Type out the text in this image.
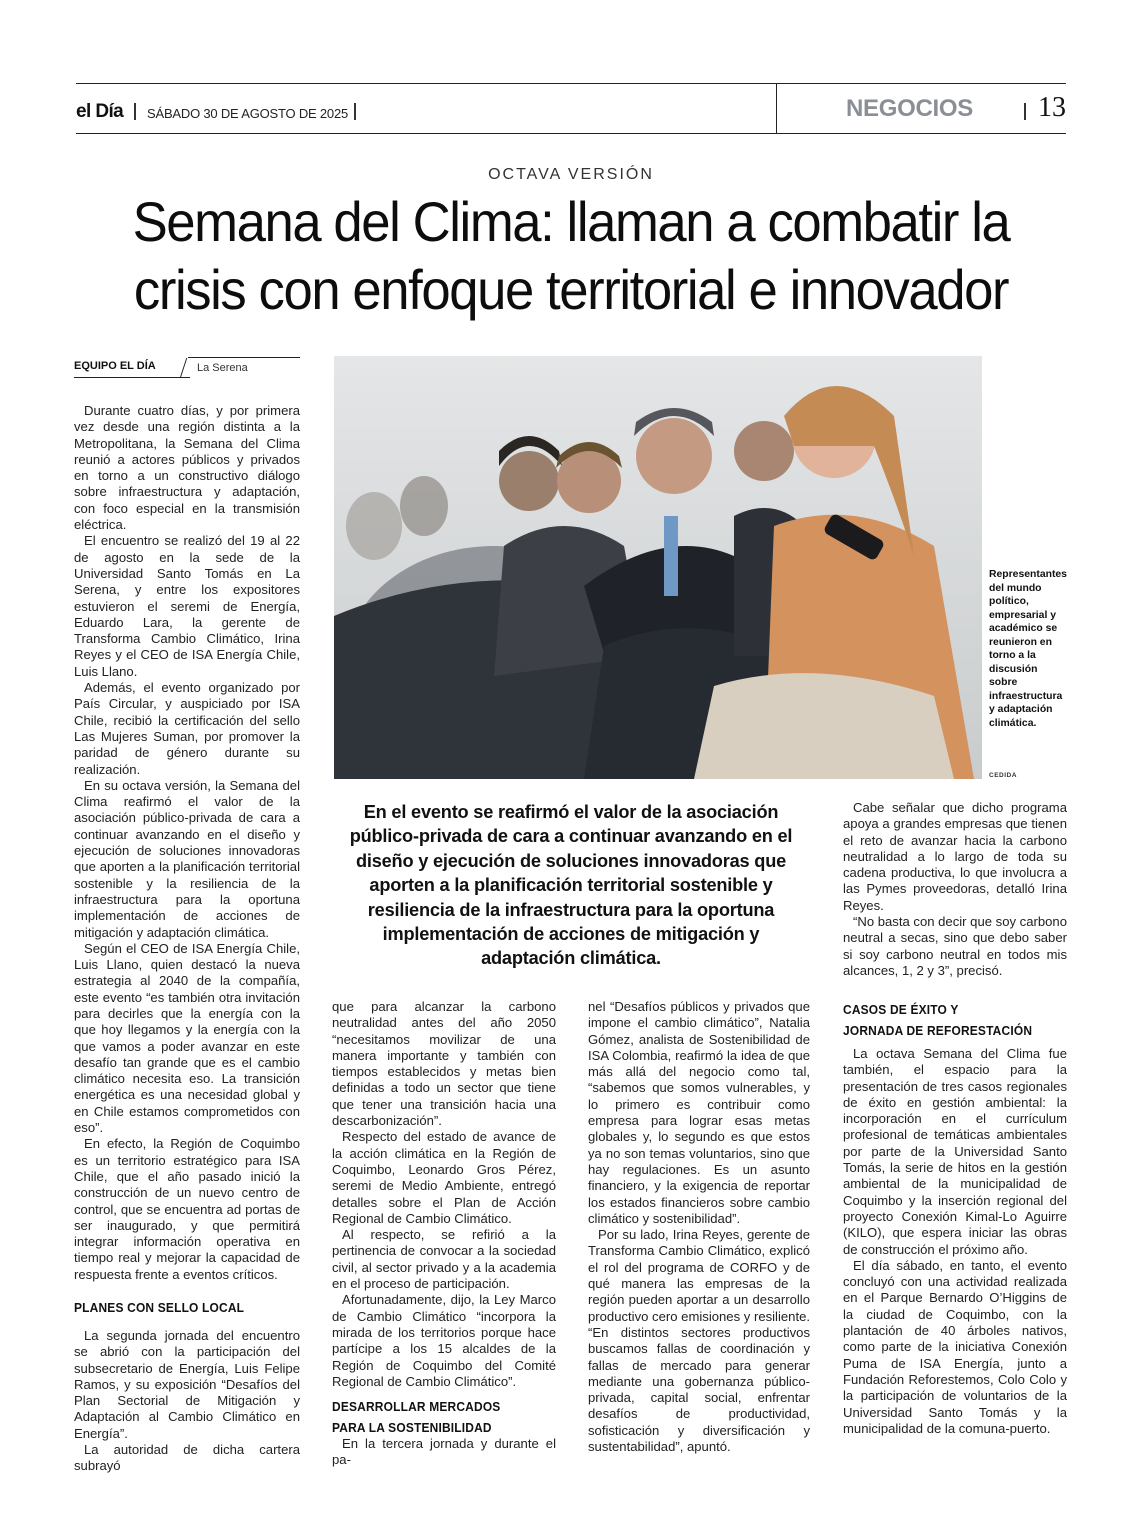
el Día SÁBADO 30 DE AGOSTO DE 2025	NEGOCIOS 13
OCTAVA VERSIÓN
Semana del Clima: llaman a combatir la
crisis con enfoque territorial e innovador
EQUIPO EL DÍA	La Serena

Durante cuatro días, y por primera vez desde una región distinta a la Metropolitana, la Semana del Clima reunió a actores públicos y privados en torno a un constructivo diálogo sobre infraestructura y adaptación, con foco especial en la transmisión eléctrica.

El encuentro se realizó del 19 al 22 de agosto en la sede de la Universidad Santo Tomás en La Serena, y entre los expositores estuvieron el seremi de Energía, Eduardo Lara, la gerente de Transforma Cambio Climático, Irina Reyes y el CEO de ISA Energía Chile, Luis Llano.

Además, el evento organizado por País Circular, y auspiciado por ISA Chile, recibió la certificación del sello Las Mujeres Suman, por promover la paridad de género durante su realización.

En su octava versión, la Semana del Clima reafirmó el valor de la asociación público-privada de cara a continuar avanzando en el diseño y ejecución de soluciones innovadoras que aporten a la planificación territorial sostenible y la resiliencia de la infraestructura para la oportuna implementación de acciones de mitigación y adaptación climática.

Según el CEO de ISA Energía Chile, Luis Llano, quien destacó la nueva estrategia al 2040 de la compañía, este evento “es también otra invitación para decirles que la energía con la que hoy llegamos y la energía con la que vamos a poder avanzar en este desafío tan grande que es el cambio climático necesita eso. La transición energética es una necesidad global y en Chile estamos comprometidos con eso”.

En efecto, la Región de Coquimbo es un territorio estratégico para ISA Chile, que el año pasado inició la construcción de un nuevo centro de control, que se encuentra ad portas de ser inaugurado, y que permitirá integrar información operativa en tiempo real y mejorar la capacidad de respuesta frente a eventos críticos.

PLANES CON SELLO LOCAL

La segunda jornada del encuentro se abrió con la participación del subsecretario de Energía, Luis Felipe Ramos, y su exposición “Desafíos del Plan Sectorial de Mitigación y Adaptación al Cambio Climático en Energía”.

La autoridad de dicha cartera subrayó

Representantes del mundo político, empresarial y académico se reunieron en torno a la discusión sobre infraestructura y adaptación climática.
CEDIDA
En el evento se reafirmó el valor de la asociación público-privada de cara a continuar avanzando en el diseño y ejecución de soluciones innovadoras que aporten a la planificación territorial sostenible y resiliencia de la infraestructura para la oportuna implementación de acciones de mitigación y adaptación climática.

que para alcanzar la carbono neutralidad antes del año 2050 “necesitamos movilizar de una manera importante y también con tiempos establecidos y metas bien definidas a todo un sector que tiene que tener una transición hacia una descarbonización”.

Respecto del estado de avance de la acción climática en la Región de Coquimbo, Leonardo Gros Pérez, seremi de Medio Ambiente, entregó detalles sobre el Plan de Acción Regional de Cambio Climático.

Al respecto, se refirió a la pertinencia de convocar a la sociedad civil, al sector privado y a la academia en el proceso de participación.

Afortunadamente, dijo, la Ley Marco de Cambio Climático “incorpora la mirada de los territorios porque hace partícipe a los 15 alcaldes de la Región de Coquimbo del Comité Regional de Cambio Climático”.

DESARROLLAR MERCADOS
PARA LA SOSTENIBILIDAD

En la tercera jornada y durante el pa-

nel “Desafíos públicos y privados que impone el cambio climático”, Natalia Gómez, analista de Sostenibilidad de ISA Colombia, reafirmó la idea de que más allá del negocio como tal, “sabemos que somos vulnerables, y lo primero es contribuir como empresa para lograr esas metas globales y, lo segundo es que estos ya no son temas voluntarios, sino que hay regulaciones. Es un asunto financiero, y la exigencia de reportar los estados financieros sobre cambio climático y sostenibilidad”.

Por su lado, Irina Reyes, gerente de Transforma Cambio Climático, explicó el rol del programa de CORFO y de qué manera las empresas de la región pueden aportar a un desarrollo productivo cero emisiones y resiliente. “En distintos sectores productivos buscamos fallas de coordinación y fallas de mercado para generar mediante una gobernanza público-privada, capital social, enfrentar desafíos de productividad, sofisticación y diversificación y sustentabilidad”, apuntó.

Cabe señalar que dicho programa apoya a grandes empresas que tienen el reto de avanzar hacia la carbono neutralidad a lo largo de toda su cadena productiva, lo que involucra a las Pymes proveedoras, detalló Irina Reyes.

“No basta con decir que soy carbono neutral a secas, sino que debo saber si soy carbono neutral en todos mis alcances, 1, 2 y 3”, precisó.

CASOS DE ÉXITO Y
JORNADA DE REFORESTACIÓN

La octava Semana del Clima fue también, el espacio para la presentación de tres casos regionales de éxito en gestión ambiental: la incorporación en el currículum profesional de temáticas ambientales por parte de la Universidad Santo Tomás, la serie de hitos en la gestión ambiental de la municipalidad de Coquimbo y la inserción regional del proyecto Conexión Kimal-Lo Aguirre (KILO), que espera iniciar las obras de construcción el próximo año.

El día sábado, en tanto, el evento concluyó con una actividad realizada en el Parque Bernardo O’Higgins de la ciudad de Coquimbo, con la plantación de 40 árboles nativos, como parte de la iniciativa Conexión Puma de ISA Energía, junto a Fundación Reforestemos, Colo Colo y la participación de voluntarios de la Universidad Santo Tomás y la municipalidad de la comuna-puerto.
